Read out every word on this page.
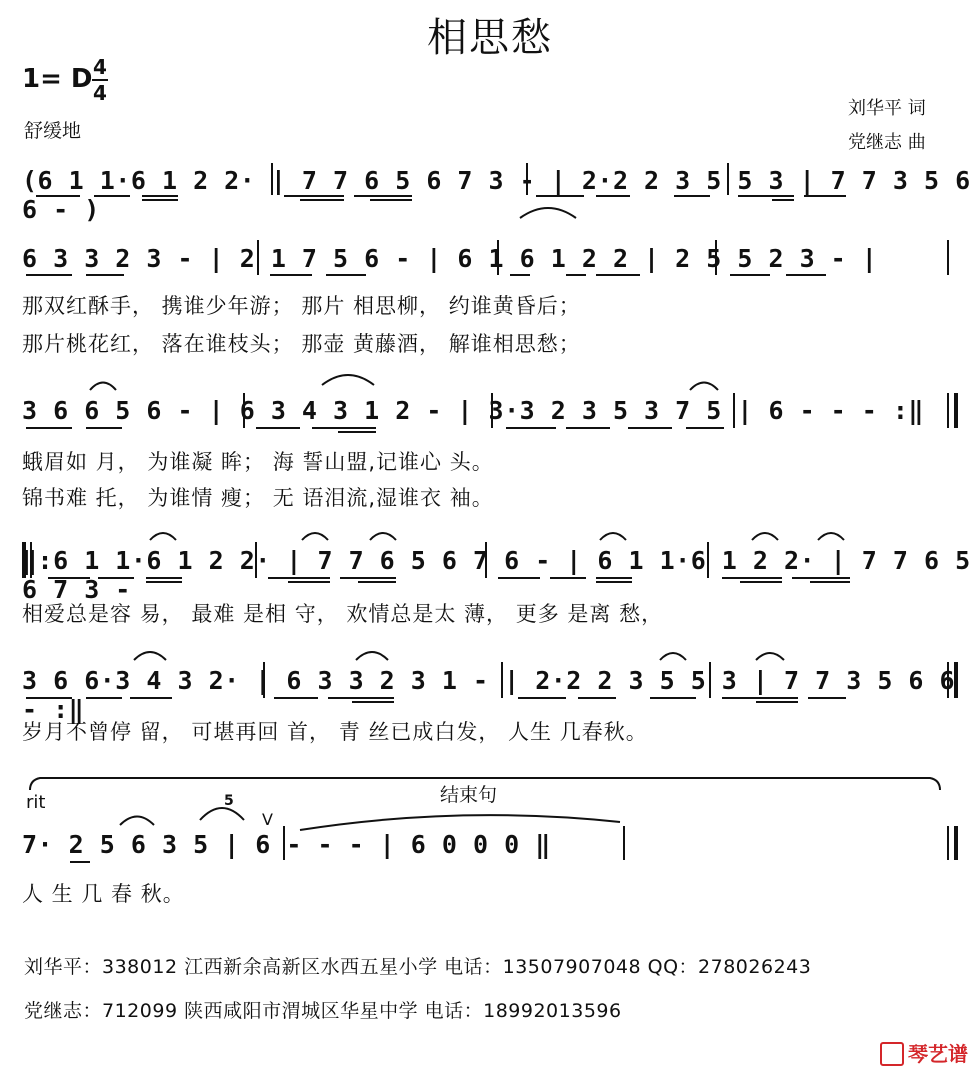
相思愁
1= D 4
4
舒缓地
刘华平 词
党继志 曲
(6 1 1·6 1 2 2· | 7 7 6 5 6 7 3 - | 2·2 2 3 5 5 3 | 7 7 3 5 6 6 - )
6 3 3 2 3 - | 2 1 7 5 6 - | 6 1 6 1 2 2 | 2 5 5 2 3 - |
那双红酥手， 携谁少年游； 那片 相思柳， 约谁黄昏后；
那片桃花红， 落在谁枝头； 那壶 黄藤酒， 解谁相思愁；
3 6 6 5 6 - | 6 3 4 3 1 2 - | 3·3 2 3 5 3 7 5 | 6 - - - :‖
蛾眉如 月， 为谁凝 眸； 海 誓山盟,记谁心 头。
锦书难 托， 为谁情 瘦； 无 语泪流,湿谁衣 袖。
‖:6 1 1·6 1 2 2· | 7 7 6 5 6 7 6 - | 6 1 1·6 1 2 2· | 7 7 6 5 6 7 3 -
相爱总是容 易， 最难 是相 守， 欢情总是太 薄， 更多 是离 愁，
3 6 6·3 4 3 2· | 6 3 3 2 3 1 - | 2·2 2 3 5 5 3 | 7 7 3 5 6 6 - :‖
岁月不曾停 留， 可堪再回 首， 青 丝已成白发， 人生 几春秋。
结束句
rit	5
V
7· 2 5 6 3 5 | 6 - - - | 6 0 0 0 ‖
人 生 几 春 秋。
刘华平：338012 江西新余高新区水西五星小学 电话：13507907048 QQ：278026243
党继志：712099 陕西咸阳市渭城区华星中学 电话：18992013596
琴艺谱
